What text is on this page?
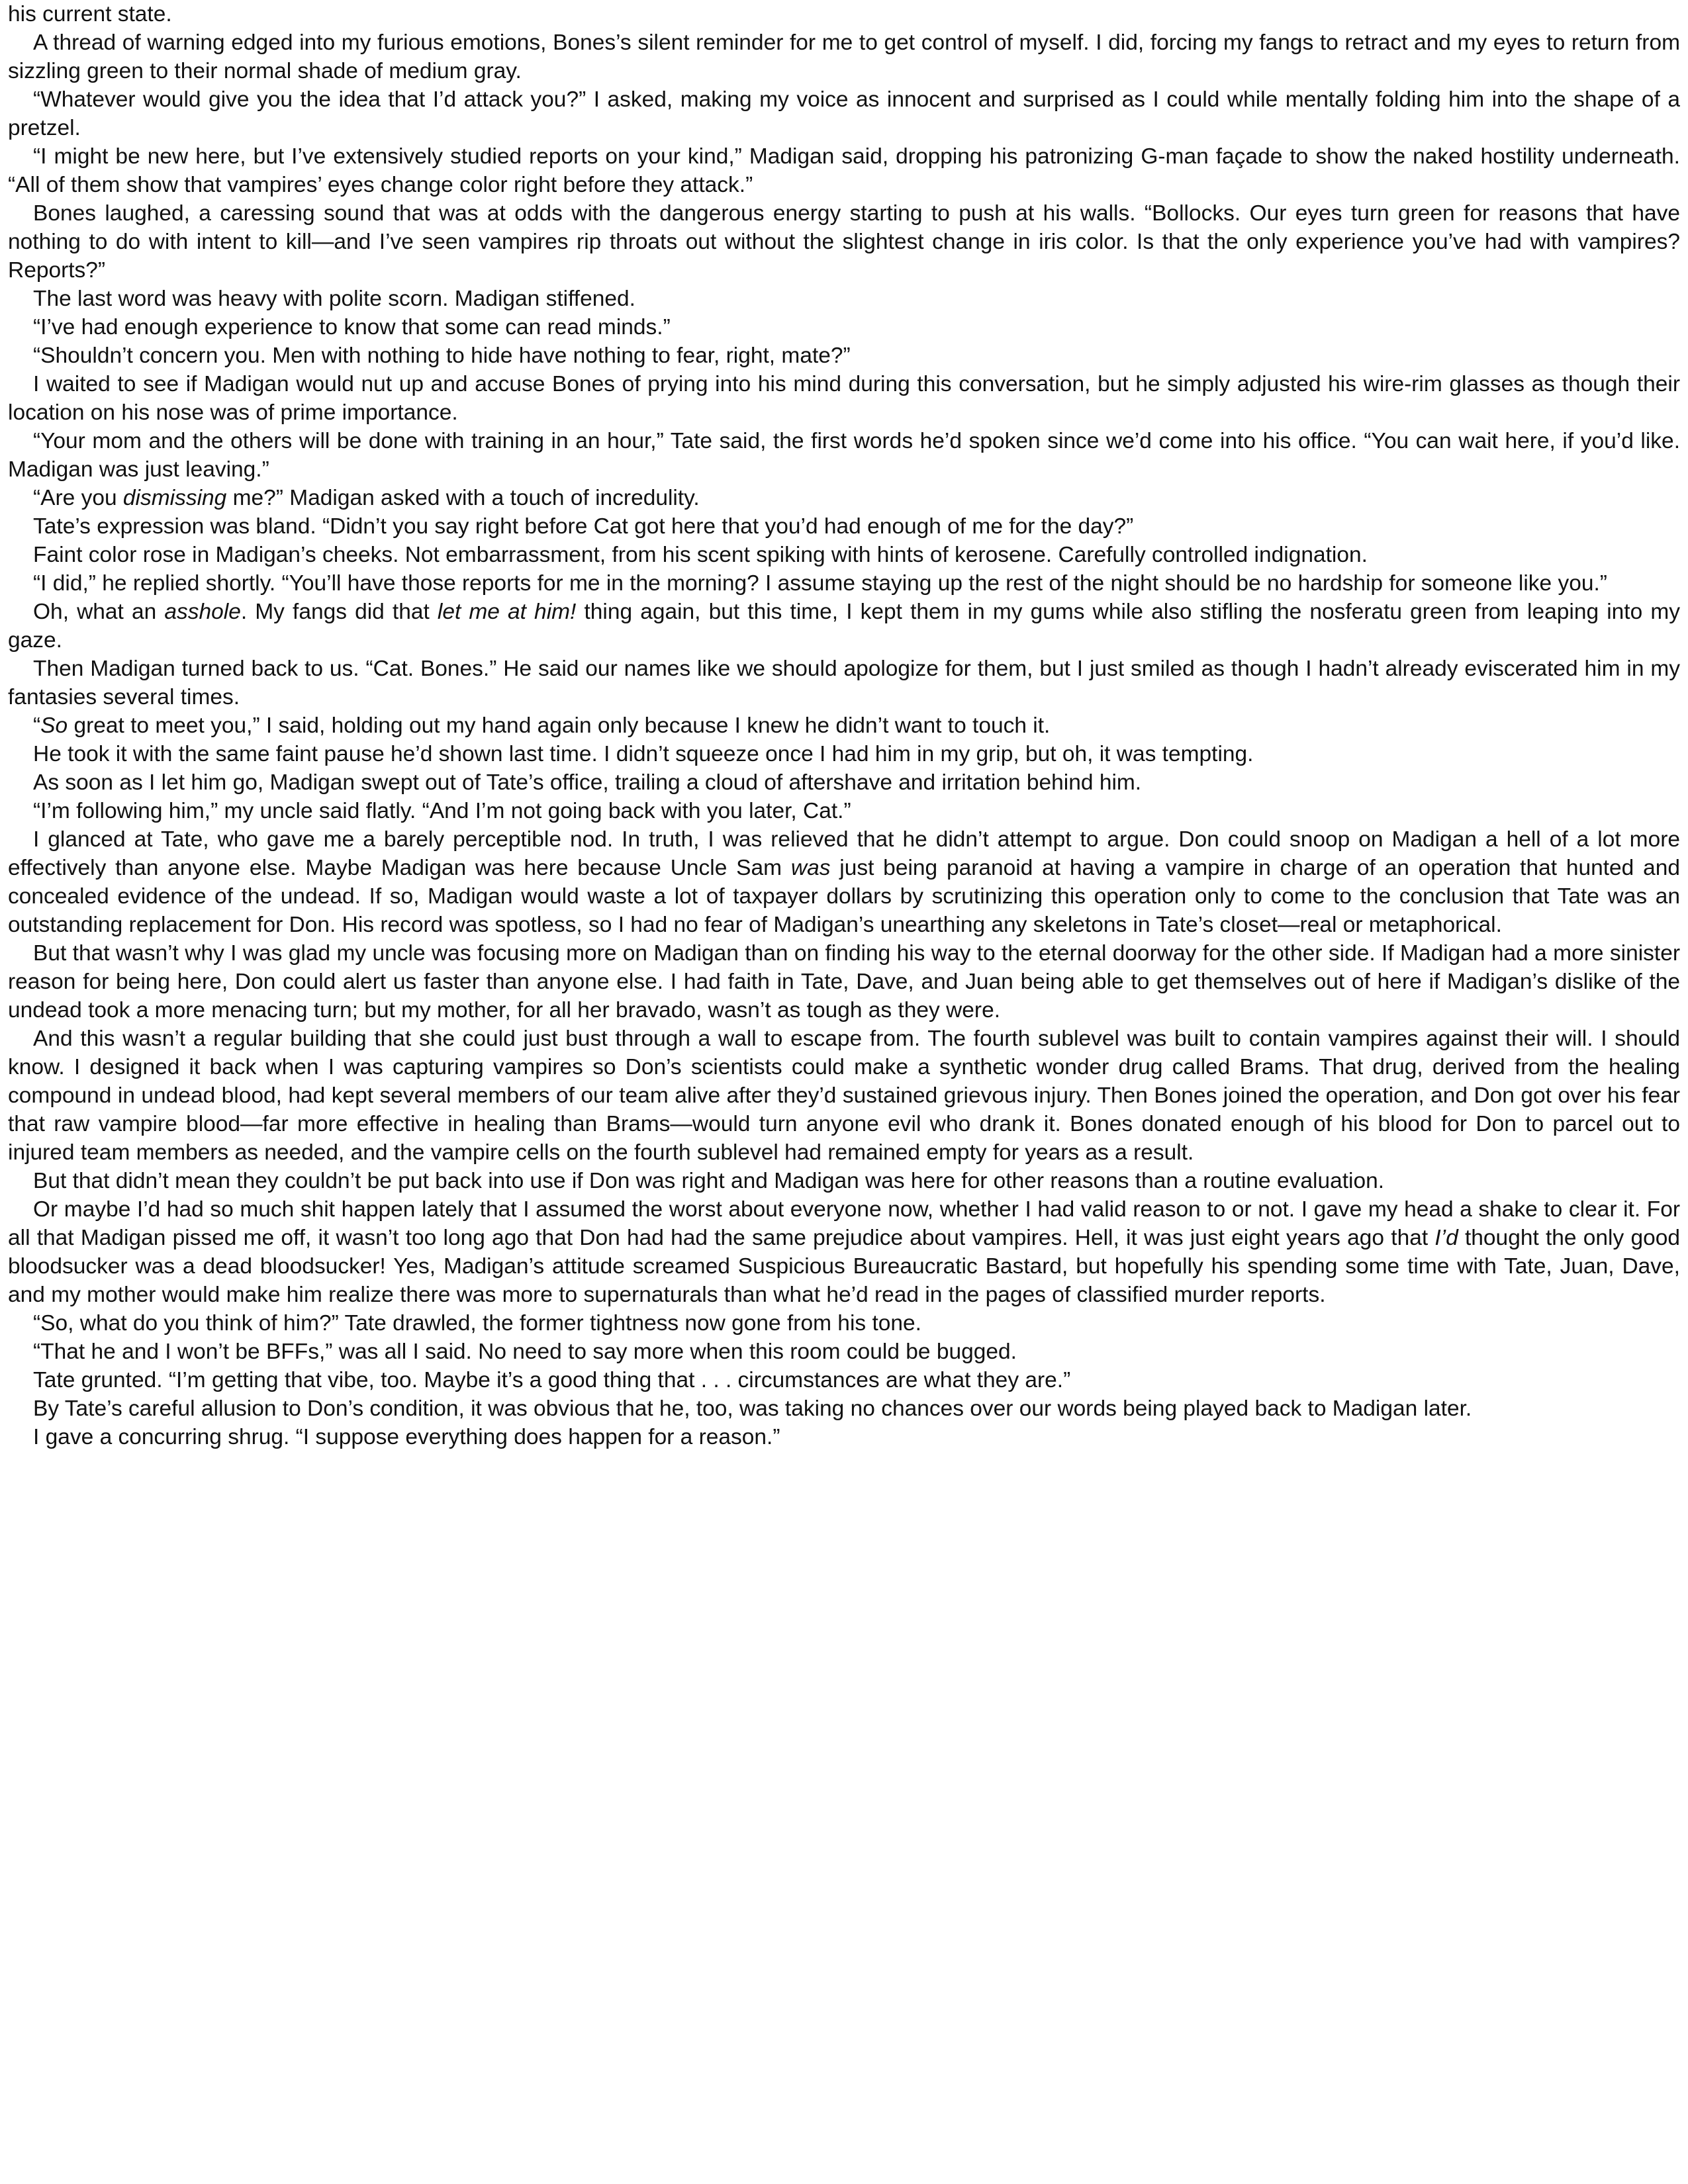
his current state.

A thread of warning edged into my furious emotions, Bones’s silent reminder for me to get control of myself. I did, forcing my fangs to retract and my eyes to return from sizzling green to their normal shade of medium gray.

“Whatever would give you the idea that I’d attack you?” I asked, making my voice as innocent and surprised as I could while mentally folding him into the shape of a pretzel.

“I might be new here, but I’ve extensively studied reports on your kind,” Madigan said, dropping his patronizing G-man façade to show the naked hostility underneath. “All of them show that vampires’ eyes change color right before they attack.”

Bones laughed, a caressing sound that was at odds with the dangerous energy starting to push at his walls. “Bollocks. Our eyes turn green for reasons that have nothing to do with intent to kill—and I’ve seen vampires rip throats out without the slightest change in iris color. Is that the only experience you’ve had with vampires? Reports?”

The last word was heavy with polite scorn. Madigan stiffened.

“I’ve had enough experience to know that some can read minds.”

“Shouldn’t concern you. Men with nothing to hide have nothing to fear, right, mate?”

I waited to see if Madigan would nut up and accuse Bones of prying into his mind during this conversation, but he simply adjusted his wire-rim glasses as though their location on his nose was of prime importance.

“Your mom and the others will be done with training in an hour,” Tate said, the first words he’d spoken since we’d come into his office. “You can wait here, if you’d like. Madigan was just leaving.”

“Are you dismissing me?” Madigan asked with a touch of incredulity.

Tate’s expression was bland. “Didn’t you say right before Cat got here that you’d had enough of me for the day?”

Faint color rose in Madigan’s cheeks. Not embarrassment, from his scent spiking with hints of kerosene. Carefully controlled indignation.

“I did,” he replied shortly. “You’ll have those reports for me in the morning? I assume staying up the rest of the night should be no hardship for someone like you.”

Oh, what an asshole. My fangs did that let me at him! thing again, but this time, I kept them in my gums while also stifling the nosferatu green from leaping into my gaze.

Then Madigan turned back to us. “Cat. Bones.” He said our names like we should apologize for them, but I just smiled as though I hadn’t already eviscerated him in my fantasies several times.

“So great to meet you,” I said, holding out my hand again only because I knew he didn’t want to touch it.

He took it with the same faint pause he’d shown last time. I didn’t squeeze once I had him in my grip, but oh, it was tempting.

As soon as I let him go, Madigan swept out of Tate’s office, trailing a cloud of aftershave and irritation behind him.

“I’m following him,” my uncle said flatly. “And I’m not going back with you later, Cat.”

I glanced at Tate, who gave me a barely perceptible nod. In truth, I was relieved that he didn’t attempt to argue. Don could snoop on Madigan a hell of a lot more effectively than anyone else. Maybe Madigan was here because Uncle Sam was just being paranoid at having a vampire in charge of an operation that hunted and concealed evidence of the undead. If so, Madigan would waste a lot of taxpayer dollars by scrutinizing this operation only to come to the conclusion that Tate was an outstanding replacement for Don. His record was spotless, so I had no fear of Madigan’s unearthing any skeletons in Tate’s closet—real or metaphorical.

But that wasn’t why I was glad my uncle was focusing more on Madigan than on finding his way to the eternal doorway for the other side. If Madigan had a more sinister reason for being here, Don could alert us faster than anyone else. I had faith in Tate, Dave, and Juan being able to get themselves out of here if Madigan’s dislike of the undead took a more menacing turn; but my mother, for all her bravado, wasn’t as tough as they were.

And this wasn’t a regular building that she could just bust through a wall to escape from. The fourth sublevel was built to contain vampires against their will. I should know. I designed it back when I was capturing vampires so Don’s scientists could make a synthetic wonder drug called Brams. That drug, derived from the healing compound in undead blood, had kept several members of our team alive after they’d sustained grievous injury. Then Bones joined the operation, and Don got over his fear that raw vampire blood—far more effective in healing than Brams—would turn anyone evil who drank it. Bones donated enough of his blood for Don to parcel out to injured team members as needed, and the vampire cells on the fourth sublevel had remained empty for years as a result.

But that didn’t mean they couldn’t be put back into use if Don was right and Madigan was here for other reasons than a routine evaluation.

Or maybe I’d had so much shit happen lately that I assumed the worst about everyone now, whether I had valid reason to or not. I gave my head a shake to clear it. For all that Madigan pissed me off, it wasn’t too long ago that Don had had the same prejudice about vampires. Hell, it was just eight years ago that I’d thought the only good bloodsucker was a dead bloodsucker! Yes, Madigan’s attitude screamed Suspicious Bureaucratic Bastard, but hopefully his spending some time with Tate, Juan, Dave, and my mother would make him realize there was more to supernaturals than what he’d read in the pages of classified murder reports.

“So, what do you think of him?” Tate drawled, the former tightness now gone from his tone.

“That he and I won’t be BFFs,” was all I said. No need to say more when this room could be bugged.

Tate grunted. “I’m getting that vibe, too. Maybe it’s a good thing that . . . circumstances are what they are.”

By Tate’s careful allusion to Don’s condition, it was obvious that he, too, was taking no chances over our words being played back to Madigan later.

I gave a concurring shrug. “I suppose everything does happen for a reason.”
